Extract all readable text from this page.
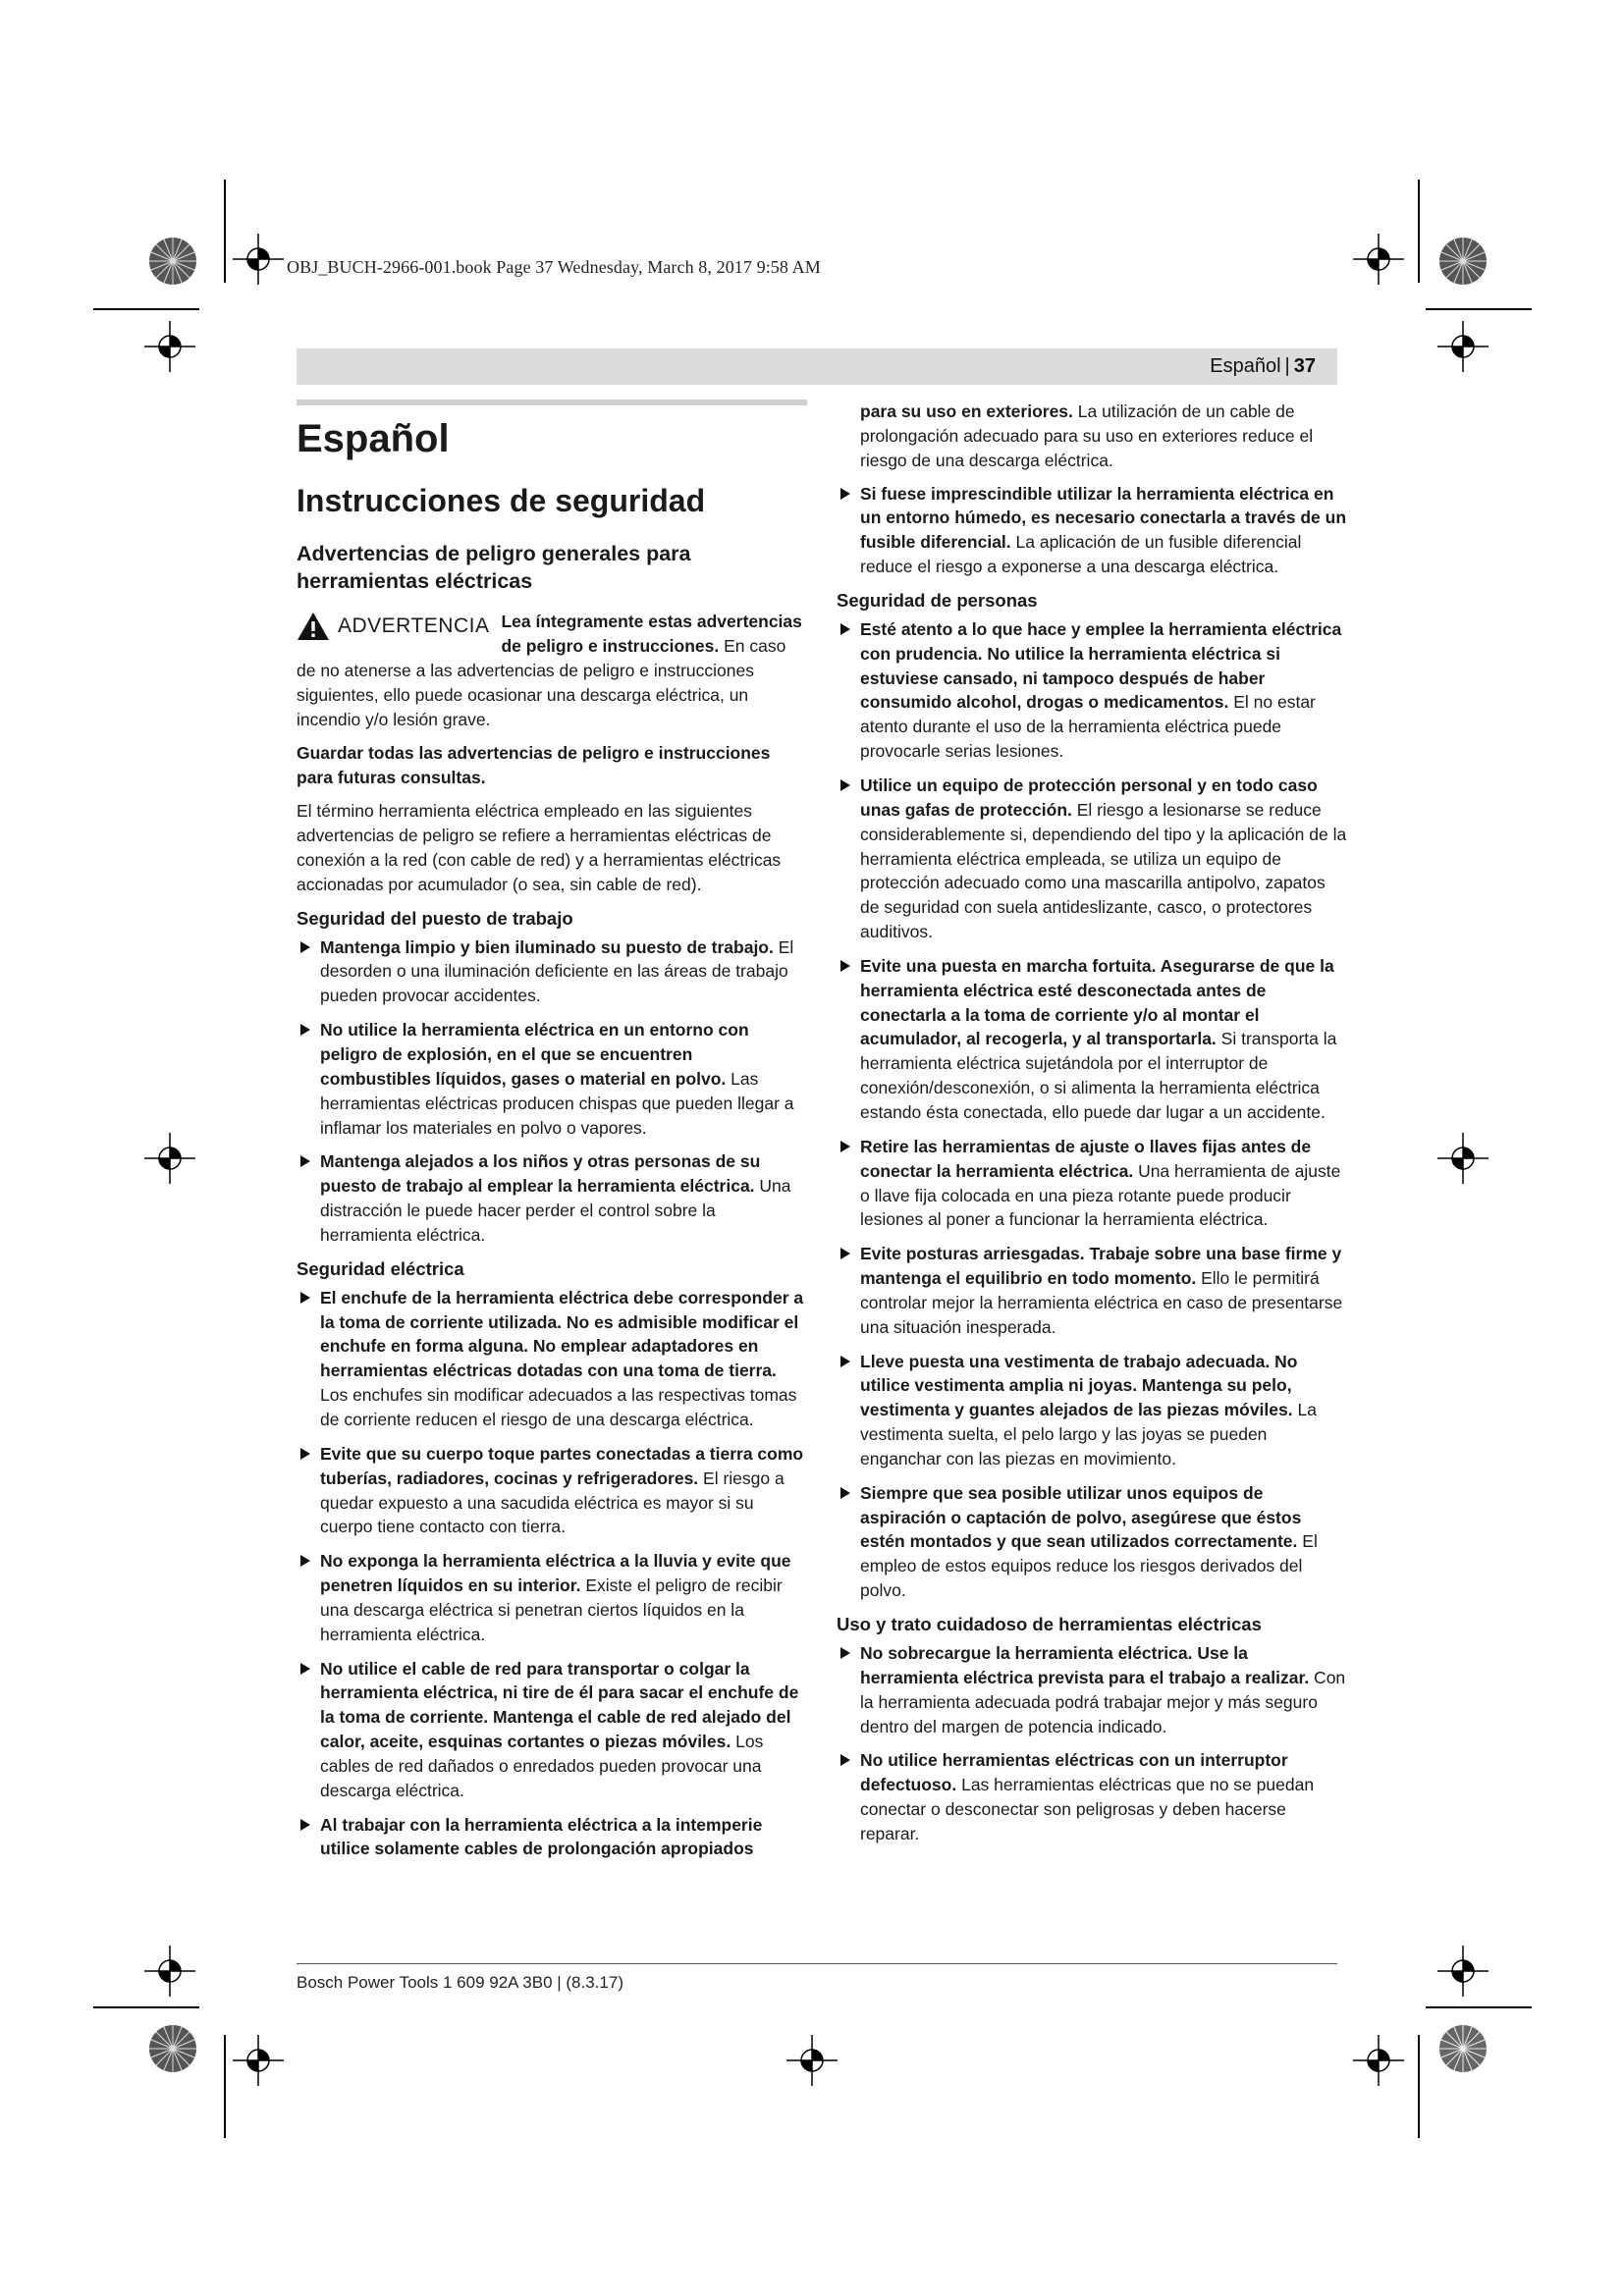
OBJ_BUCH-2966-001.book Page 37 Wednesday, March 8, 2017 9:58 AM
Español | 37
Español
Instrucciones de seguridad
Advertencias de peligro generales para herramientas eléctricas
ADVERTENCIA Lea íntegramente estas advertencias de peligro e instrucciones. En caso de no atenerse a las advertencias de peligro e instrucciones siguientes, ello puede ocasionar una descarga eléctrica, un incendio y/o lesión grave.

Guardar todas las advertencias de peligro e instrucciones para futuras consultas.

El término herramienta eléctrica empleado en las siguientes advertencias de peligro se refiere a herramientas eléctricas de conexión a la red (con cable de red) y a herramientas eléctricas accionadas por acumulador (o sea, sin cable de red).

Seguridad del puesto de trabajo
Mantenga limpio y bien iluminado su puesto de trabajo. El desorden o una iluminación deficiente en las áreas de trabajo pueden provocar accidentes.
No utilice la herramienta eléctrica en un entorno con peligro de explosión, en el que se encuentren combustibles líquidos, gases o material en polvo. Las herramientas eléctricas producen chispas que pueden llegar a inflamar los materiales en polvo o vapores.
Mantenga alejados a los niños y otras personas de su puesto de trabajo al emplear la herramienta eléctrica. Una distracción le puede hacer perder el control sobre la herramienta eléctrica.
Seguridad eléctrica
El enchufe de la herramienta eléctrica debe corresponder a la toma de corriente utilizada. No es admisible modificar el enchufe en forma alguna. No emplear adaptadores en herramientas eléctricas dotadas con una toma de tierra. Los enchufes sin modificar adecuados a las respectivas tomas de corriente reducen el riesgo de una descarga eléctrica.
Evite que su cuerpo toque partes conectadas a tierra como tuberías, radiadores, cocinas y refrigeradores. El riesgo a quedar expuesto a una sacudida eléctrica es mayor si su cuerpo tiene contacto con tierra.
No exponga la herramienta eléctrica a la lluvia y evite que penetren líquidos en su interior. Existe el peligro de recibir una descarga eléctrica si penetran ciertos líquidos en la herramienta eléctrica.
No utilice el cable de red para transportar o colgar la herramienta eléctrica, ni tire de él para sacar el enchufe de la toma de corriente. Mantenga el cable de red alejado del calor, aceite, esquinas cortantes o piezas móviles. Los cables de red dañados o enredados pueden provocar una descarga eléctrica.
Al trabajar con la herramienta eléctrica a la intemperie utilice solamente cables de prolongación apropiados

para su uso en exteriores. La utilización de un cable de prolongación adecuado para su uso en exteriores reduce el riesgo de una descarga eléctrica.

Si fuese imprescindible utilizar la herramienta eléctrica en un entorno húmedo, es necesario conectarla a través de un fusible diferencial. La aplicación de un fusible diferencial reduce el riesgo a exponerse a una descarga eléctrica.
Seguridad de personas
Esté atento a lo que hace y emplee la herramienta eléctrica con prudencia. No utilice la herramienta eléctrica si estuviese cansado, ni tampoco después de haber consumido alcohol, drogas o medicamentos. El no estar atento durante el uso de la herramienta eléctrica puede provocarle serias lesiones.
Utilice un equipo de protección personal y en todo caso unas gafas de protección. El riesgo a lesionarse se reduce considerablemente si, dependiendo del tipo y la aplicación de la herramienta eléctrica empleada, se utiliza un equipo de protección adecuado como una mascarilla antipolvo, zapatos de seguridad con suela antideslizante, casco, o protectores auditivos.
Evite una puesta en marcha fortuita. Asegurarse de que la herramienta eléctrica esté desconectada antes de conectarla a la toma de corriente y/o al montar el acumulador, al recogerla, y al transportarla. Si transporta la herramienta eléctrica sujetándola por el interruptor de conexión/desconexión, o si alimenta la herramienta eléctrica estando ésta conectada, ello puede dar lugar a un accidente.
Retire las herramientas de ajuste o llaves fijas antes de conectar la herramienta eléctrica. Una herramienta de ajuste o llave fija colocada en una pieza rotante puede producir lesiones al poner a funcionar la herramienta eléctrica.
Evite posturas arriesgadas. Trabaje sobre una base firme y mantenga el equilibrio en todo momento. Ello le permitirá controlar mejor la herramienta eléctrica en caso de presentarse una situación inesperada.
Lleve puesta una vestimenta de trabajo adecuada. No utilice vestimenta amplia ni joyas. Mantenga su pelo, vestimenta y guantes alejados de las piezas móviles. La vestimenta suelta, el pelo largo y las joyas se pueden enganchar con las piezas en movimiento.
Siempre que sea posible utilizar unos equipos de aspiración o captación de polvo, asegúrese que éstos estén montados y que sean utilizados correctamente. El empleo de estos equipos reduce los riesgos derivados del polvo.
Uso y trato cuidadoso de herramientas eléctricas
No sobrecargue la herramienta eléctrica. Use la herramienta eléctrica prevista para el trabajo a realizar. Con la herramienta adecuada podrá trabajar mejor y más seguro dentro del margen de potencia indicado.
No utilice herramientas eléctricas con un interruptor defectuoso. Las herramientas eléctricas que no se puedan conectar o desconectar son peligrosas y deben hacerse reparar.
Bosch Power Tools 1 609 92A 3B0 | (8.3.17)
